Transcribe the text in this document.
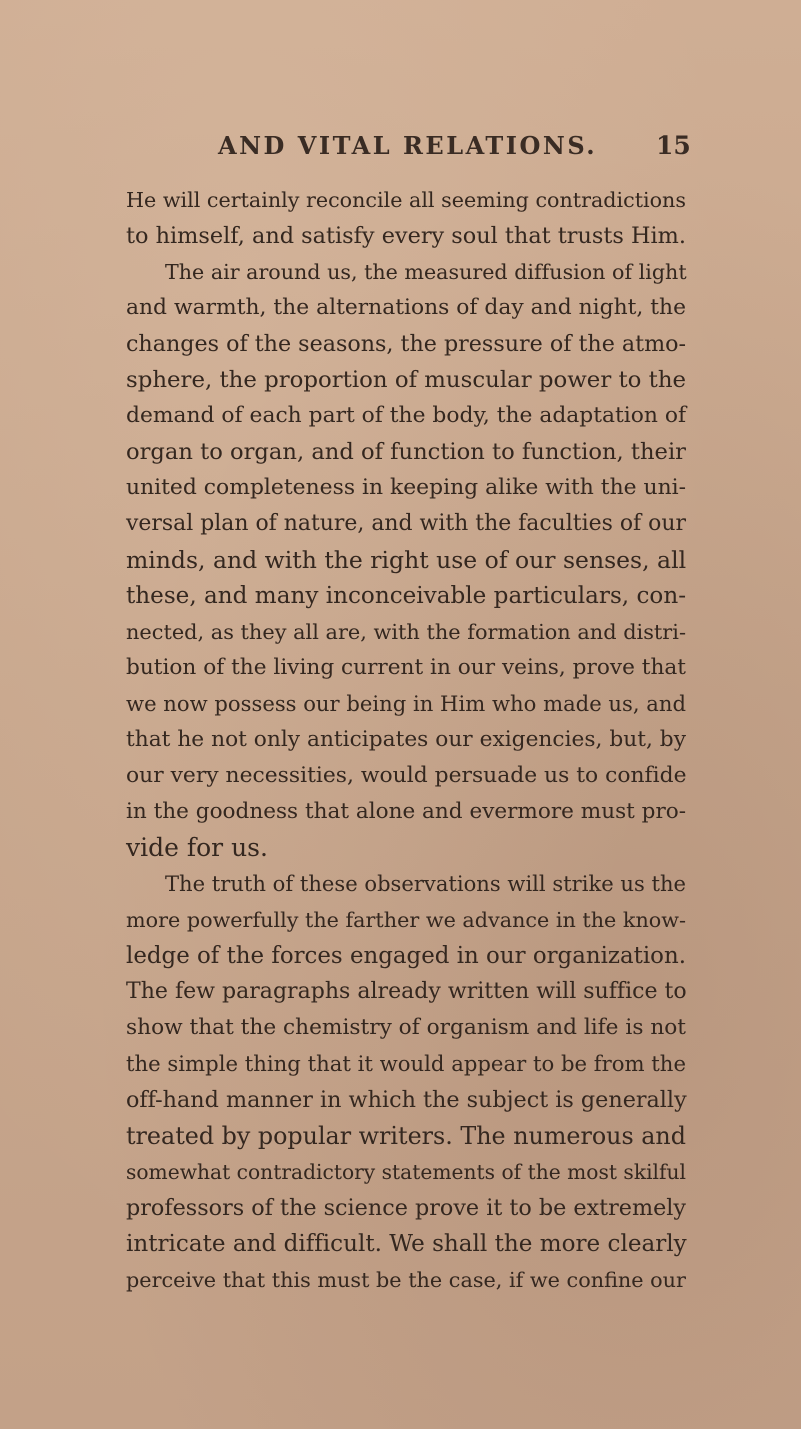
AND VITAL RELATIONS. 15
He will certainly reconcile all seeming contradictions
to himself, and satisfy every soul that trusts Him.
The air around us, the measured diffusion of light
and warmth, the alternations of day and night, the
changes of the seasons, the pressure of the atmo-
sphere, the proportion of muscular power to the
demand of each part of the body, the adaptation of
organ to organ, and of function to function, their
united completeness in keeping alike with the uni-
versal plan of nature, and with the faculties of our
minds, and with the right use of our senses, all
these, and many inconceivable particulars, con-
nected, as they all are, with the formation and distri-
bution of the living current in our veins, prove that
we now possess our being in Him who made us, and
that he not only anticipates our exigencies, but, by
our very necessities, would persuade us to confide
in the goodness that alone and evermore must pro-
vide for us.
The truth of these observations will strike us the
more powerfully the farther we advance in the know-
ledge of the forces engaged in our organization.
The few paragraphs already written will suffice to
show that the chemistry of organism and life is not
the simple thing that it would appear to be from the
off-hand manner in which the subject is generally
treated by popular writers. The numerous and
somewhat contradictory statements of the most skilful
professors of the science prove it to be extremely
intricate and difficult. We shall the more clearly
perceive that this must be the case, if we confine our
